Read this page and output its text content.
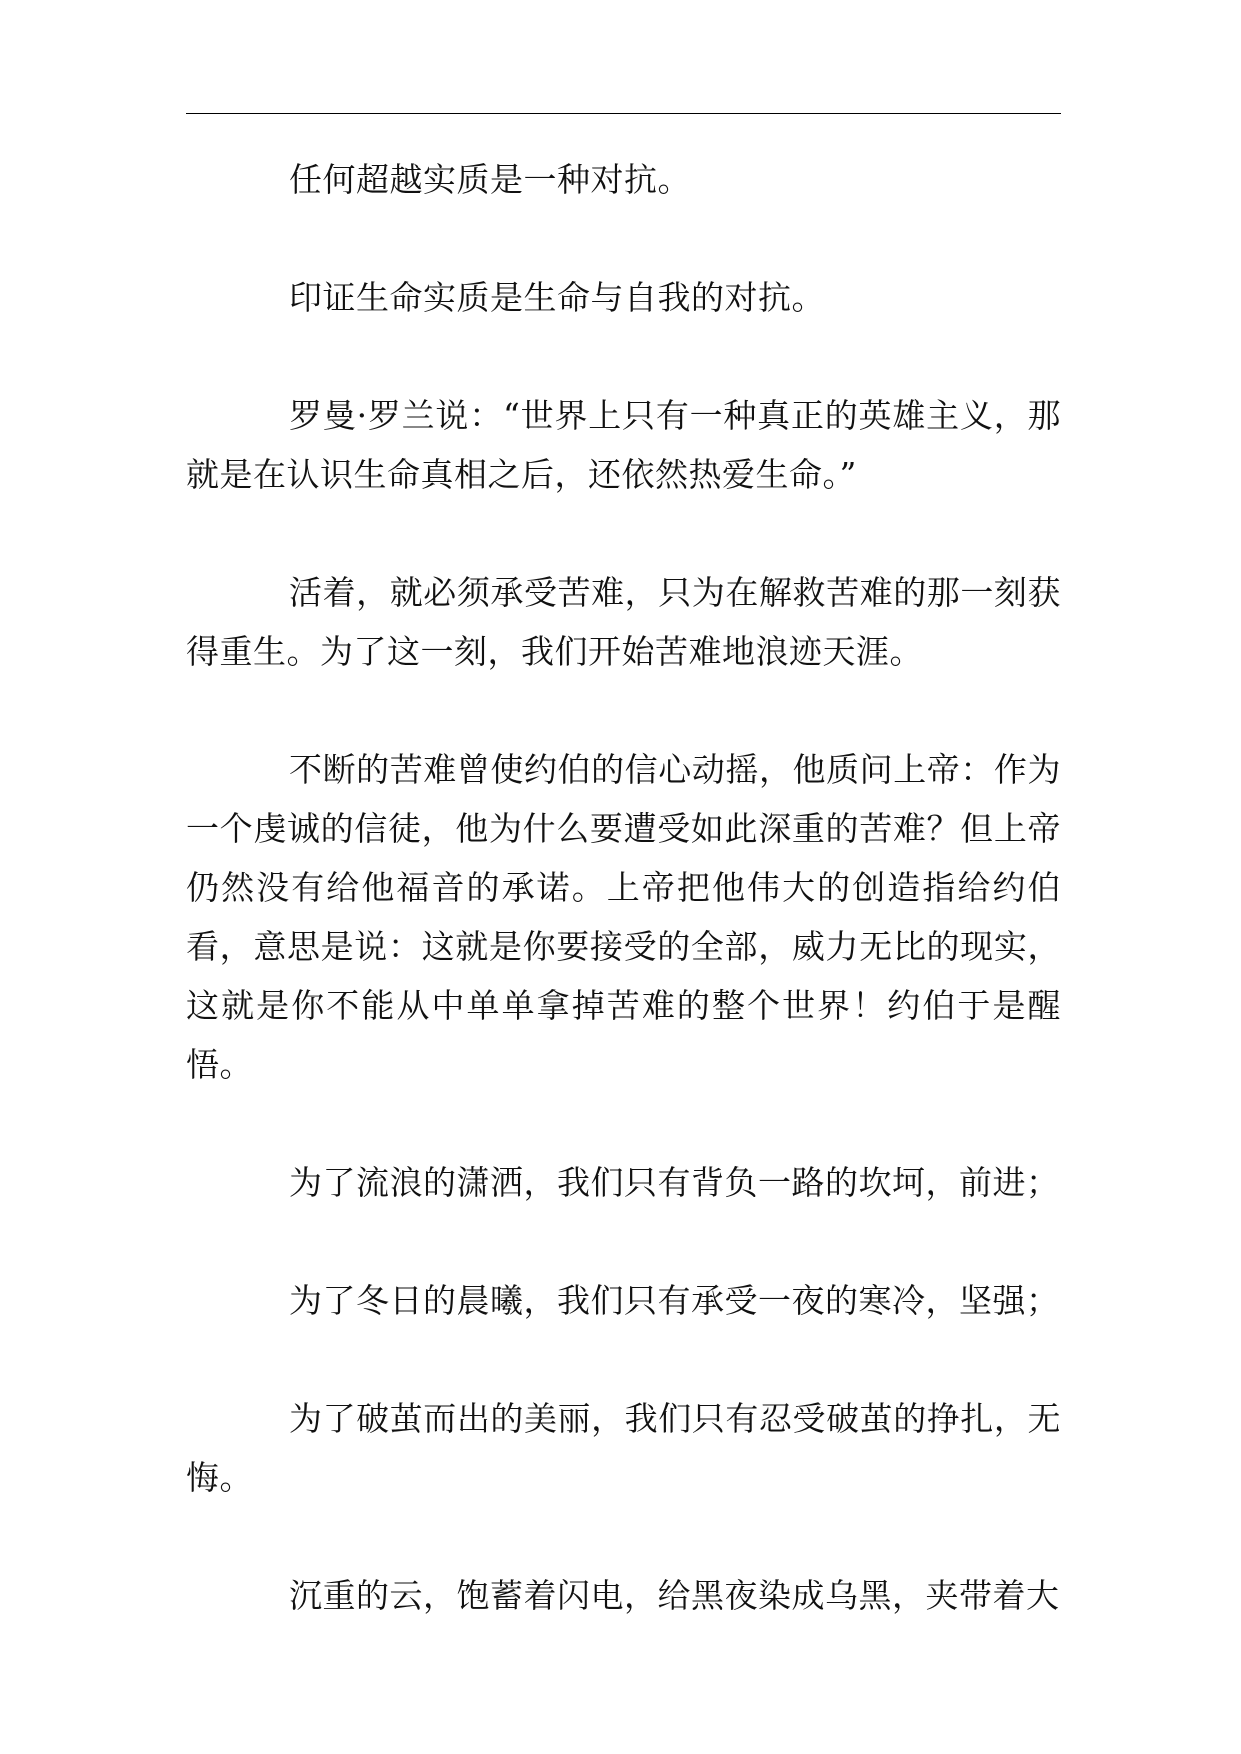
任何超越实质是一种对抗。

印证生命实质是生命与自我的对抗。

罗曼·罗兰说：“世界上只有一种真正的英雄主义，那就是在认识生命真相之后，还依然热爱生命。”

活着，就必须承受苦难，只为在解救苦难的那一刻获得重生。为了这一刻，我们开始苦难地浪迹天涯。

不断的苦难曾使约伯的信心动摇，他质问上帝：作为一个虔诚的信徒，他为什么要遭受如此深重的苦难？但上帝仍然没有给他福音的承诺。上帝把他伟大的创造指给约伯看，意思是说：这就是你要接受的全部，威力无比的现实，这就是你不能从中单单拿掉苦难的整个世界！约伯于是醒悟。

为了流浪的潇洒，我们只有背负一路的坎坷，前进；

为了冬日的晨曦，我们只有承受一夜的寒冷，坚强；

为了破茧而出的美丽，我们只有忍受破茧的挣扎，无悔。

沉重的云，饱蓄着闪电，给黑夜染成乌黑，夹带着大
